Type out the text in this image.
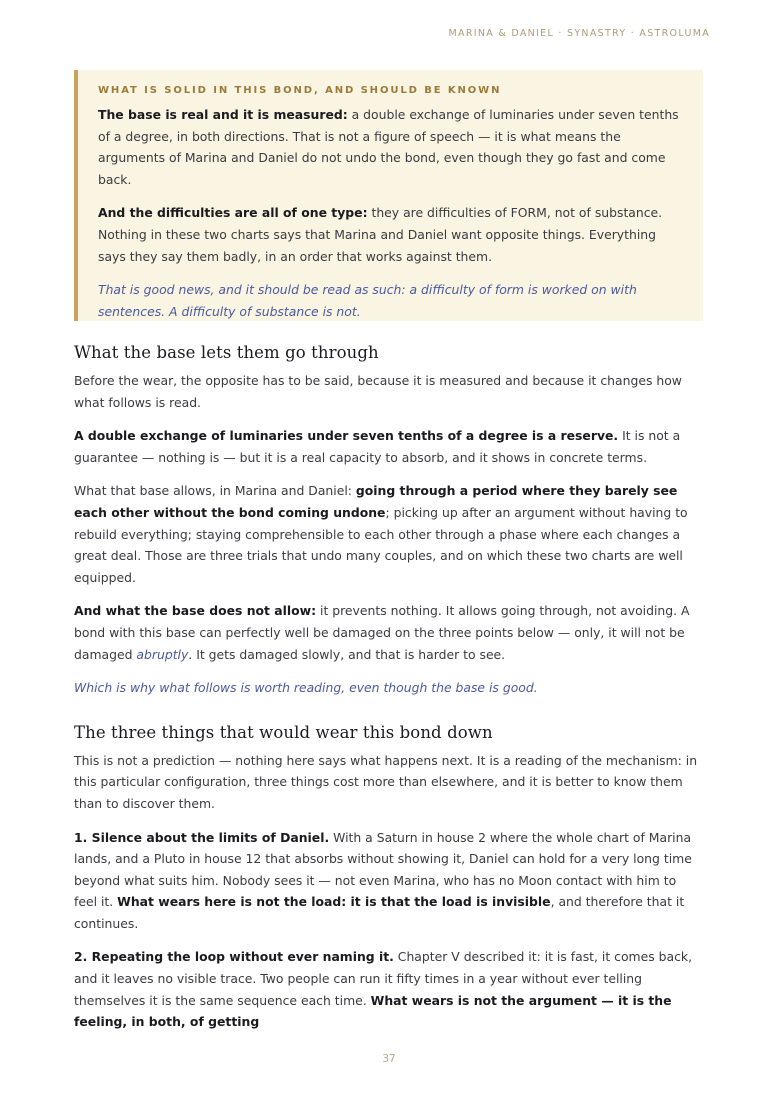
MARINA & DANIEL · SYNASTRY · ASTROLUMA
WHAT IS SOLID IN THIS BOND, AND SHOULD BE KNOWN

The base is real and it is measured: a double exchange of luminaries under seven tenths of a degree, in both directions. That is not a figure of speech — it is what means the arguments of Marina and Daniel do not undo the bond, even though they go fast and come back.

And the difficulties are all of one type: they are difficulties of FORM, not of substance. Nothing in these two charts says that Marina and Daniel want opposite things. Everything says they say them badly, in an order that works against them.

That is good news, and it should be read as such: a difficulty of form is worked on with sentences. A difficulty of substance is not.

What the base lets them go through

Before the wear, the opposite has to be said, because it is measured and because it changes how what follows is read.

A double exchange of luminaries under seven tenths of a degree is a reserve. It is not a guarantee — nothing is — but it is a real capacity to absorb, and it shows in concrete terms.

What that base allows, in Marina and Daniel: going through a period where they barely see each other without the bond coming undone; picking up after an argument without having to rebuild everything; staying comprehensible to each other through a phase where each changes a great deal. Those are three trials that undo many couples, and on which these two charts are well equipped.

And what the base does not allow: it prevents nothing. It allows going through, not avoiding. A bond with this base can perfectly well be damaged on the three points below — only, it will not be damaged abruptly. It gets damaged slowly, and that is harder to see.

Which is why what follows is worth reading, even though the base is good.

The three things that would wear this bond down

This is not a prediction — nothing here says what happens next. It is a reading of the mechanism: in this particular configuration, three things cost more than elsewhere, and it is better to know them than to discover them.

1. Silence about the limits of Daniel. With a Saturn in house 2 where the whole chart of Marina lands, and a Pluto in house 12 that absorbs without showing it, Daniel can hold for a very long time beyond what suits him. Nobody sees it — not even Marina, who has no Moon contact with him to feel it. What wears here is not the load: it is that the load is invisible, and therefore that it continues.

2. Repeating the loop without ever naming it. Chapter V described it: it is fast, it comes back, and it leaves no visible trace. Two people can run it fifty times in a year without ever telling themselves it is the same sequence each time. What wears is not the argument — it is the feeling, in both, of getting

37
